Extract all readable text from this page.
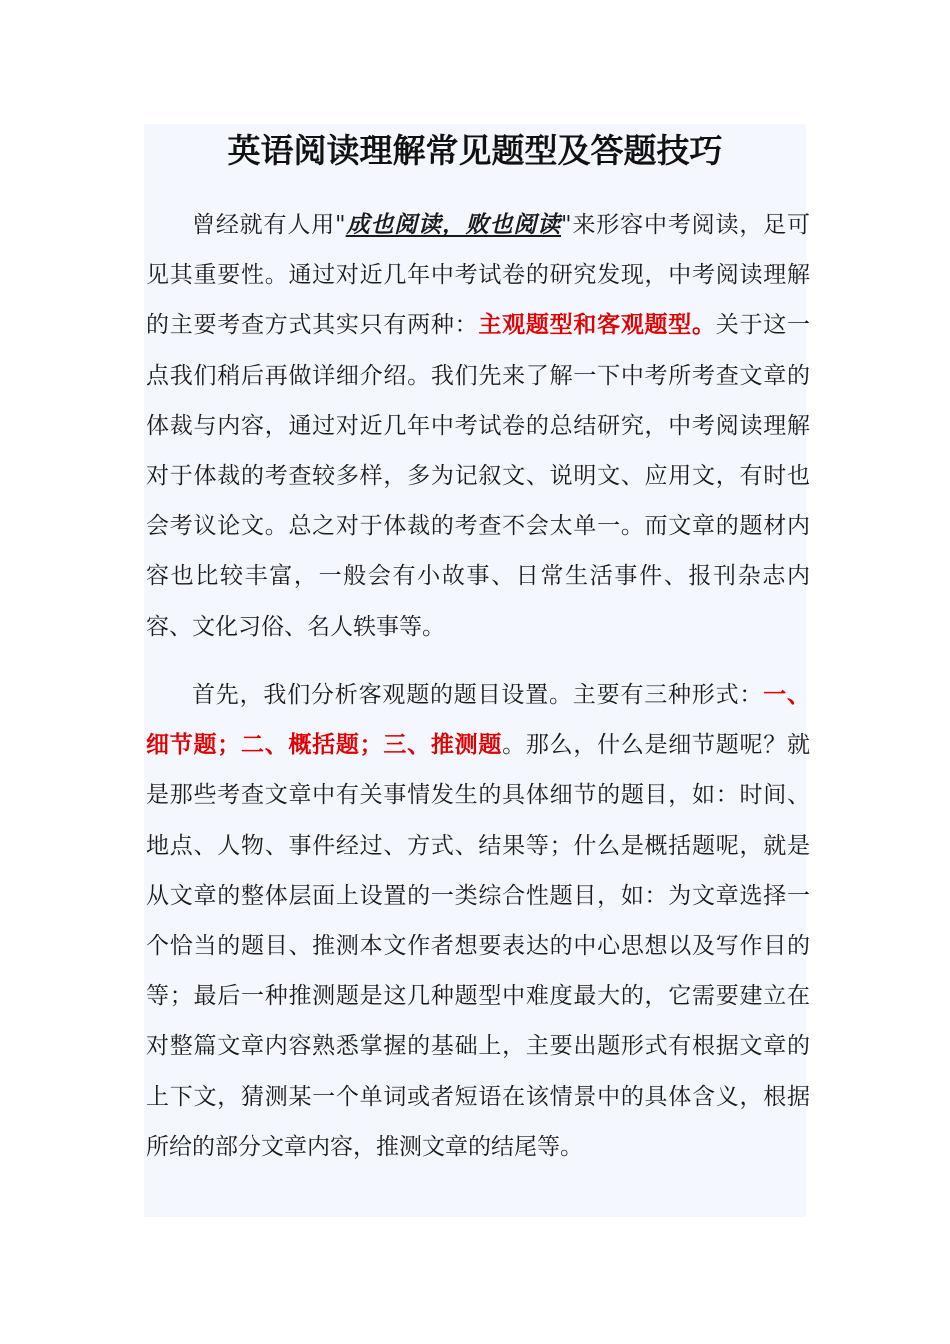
英语阅读理解常见题型及答题技巧

曾经就有人用"成也阅读，败也阅读"来形容中考阅读，足可见其重要性。通过对近几年中考试卷的研究发现，中考阅读理解的主要考查方式其实只有两种：主观题型和客观题型。关于这一点我们稍后再做详细介绍。我们先来了解一下中考所考查文章的体裁与内容，通过对近几年中考试卷的总结研究，中考阅读理解对于体裁的考查较多样，多为记叙文、说明文、应用文，有时也会考议论文。总之对于体裁的考查不会太单一。而文章的题材内容也比较丰富，一般会有小故事、日常生活事件、报刊杂志内容、文化习俗、名人轶事等。

首先，我们分析客观题的题目设置。主要有三种形式：一、细节题；二、概括题；三、推测题。那么，什么是细节题呢？就是那些考查文章中有关事情发生的具体细节的题目，如：时间、地点、人物、事件经过、方式、结果等；什么是概括题呢，就是从文章的整体层面上设置的一类综合性题目，如：为文章选择一个恰当的题目、推测本文作者想要表达的中心思想以及写作目的等；最后一种推测题是这几种题型中难度最大的，它需要建立在对整篇文章内容熟悉掌握的基础上，主要出题形式有根据文章的上下文，猜测某一个单词或者短语在该情景中的具体含义，根据所给的部分文章内容，推测文章的结尾等。
